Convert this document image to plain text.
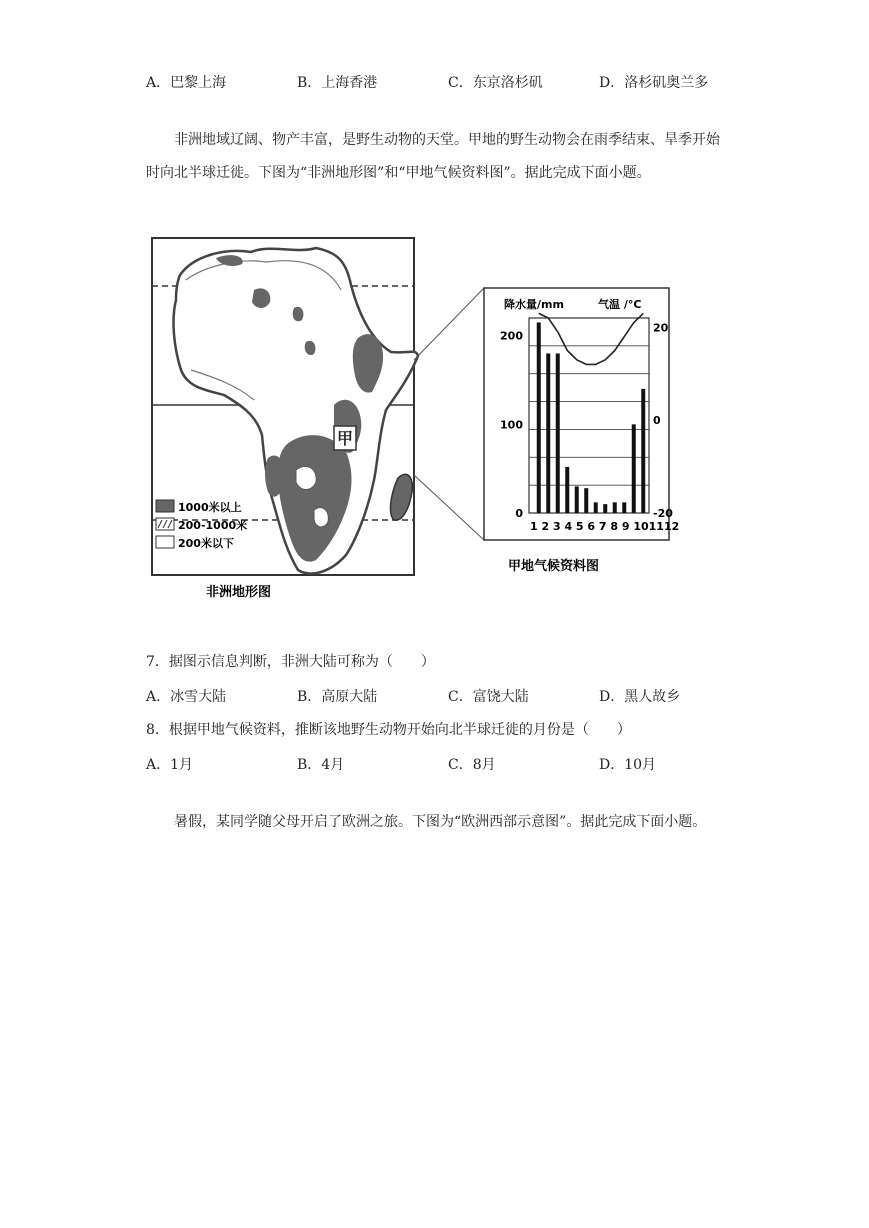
A．巴黎上海	B．上海香港	C．东京洛杉矶	D．洛杉矶奥兰多
非洲地域辽阔、物产丰富，是野生动物的天堂。甲地的野生动物会在雨季结束、旱季开始时向北半球迁徙。下图为“非洲地形图”和“甲地气候资料图”。据此完成下面小题。
甲
1000米以上
200-1000米
200米以下
非洲地形图
降水量/mm	气温 /°C
0
100
200
-20
0
20
1 2 3 4 5 6 7 8 9 101112
甲地气候资料图
7．据图示信息判断，非洲大陆可称为（　　）
A．冰雪大陆	B．高原大陆	C．富饶大陆	D．黑人故乡
8．根据甲地气候资料，推断该地野生动物开始向北半球迁徙的月份是（　　）
A．1月	B．4月	C．8月	D．10月
暑假，某同学随父母开启了欧洲之旅。下图为“欧洲西部示意图”。据此完成下面小题。
